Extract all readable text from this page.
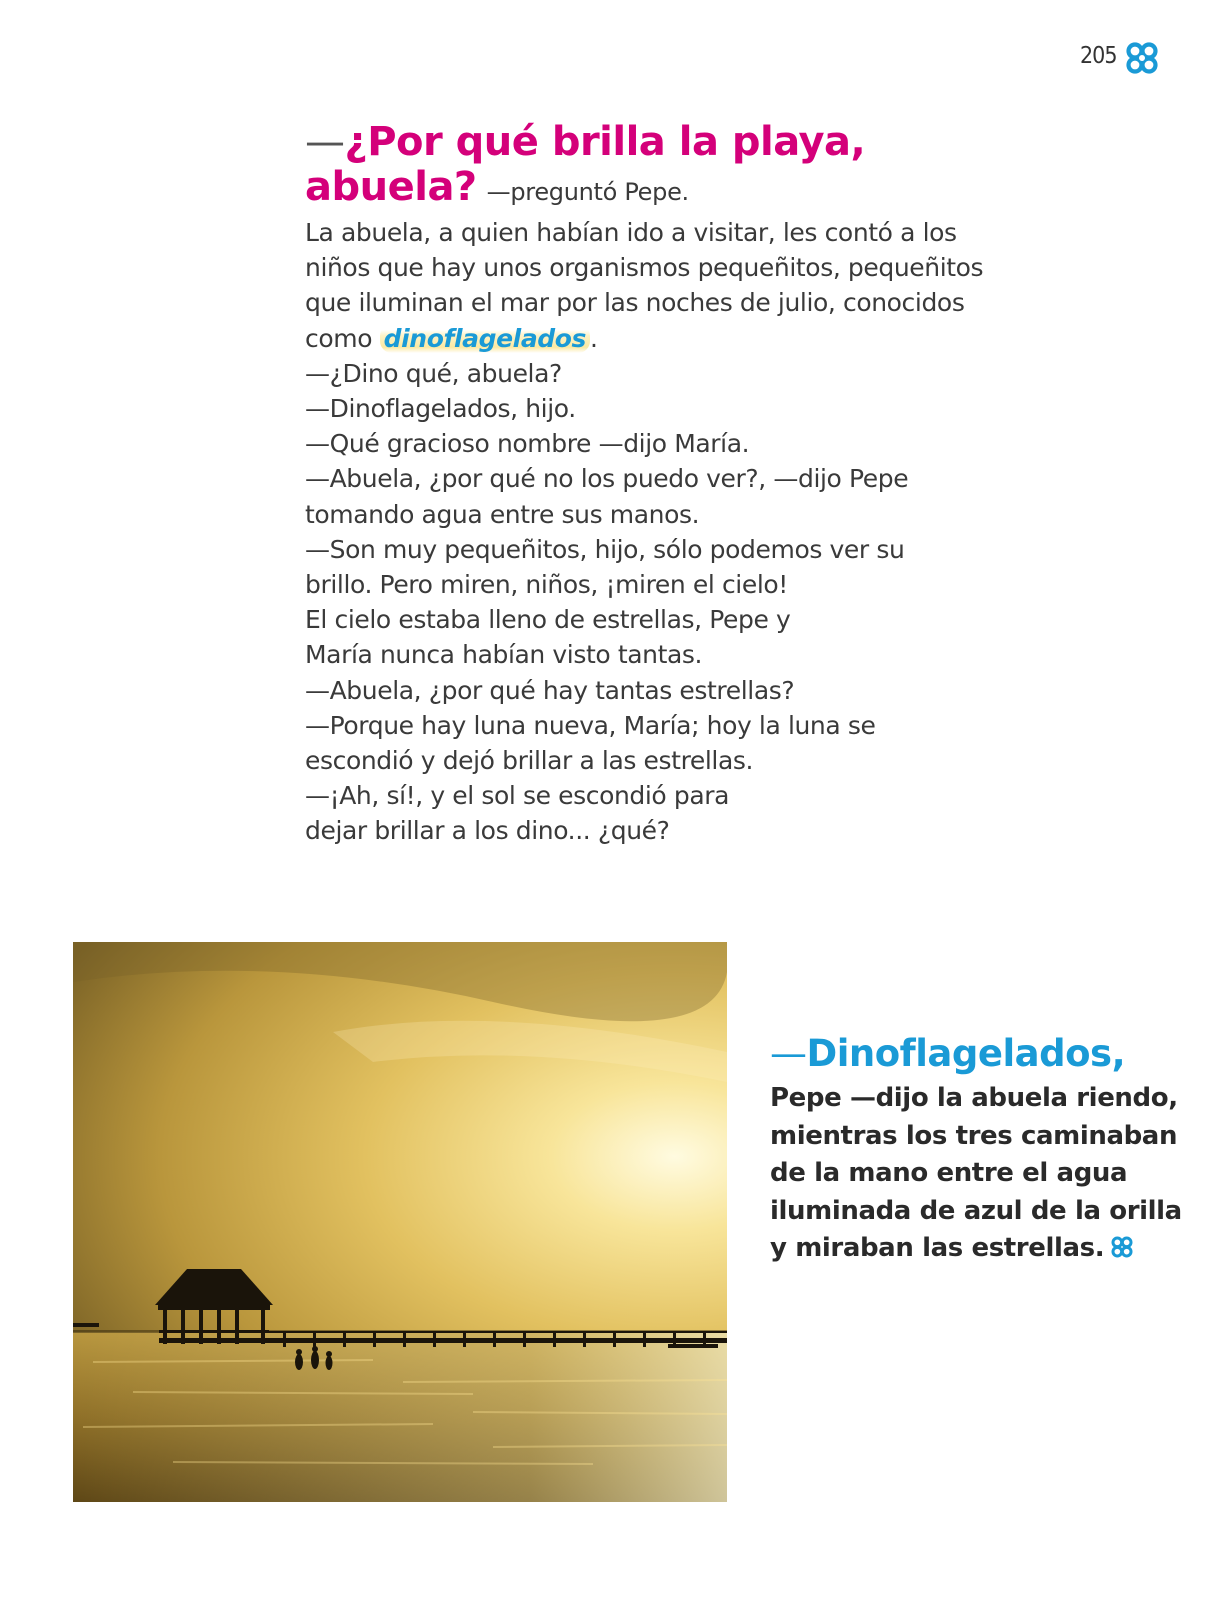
205
—¿Por qué brilla la playa,
abuela? —preguntó Pepe.

La abuela, a quien habían ido a visitar, les contó a los niños que hay unos organismos pequeñitos, pequeñitos que iluminan el mar por las noches de julio, conocidos como dinoflagelados .

—¿Dino qué, abuela?

—Dinoflagelados, hijo.

—Qué gracioso nombre —dijo María.

—Abuela, ¿por qué no los puedo ver?, —dijo Pepe tomando agua entre sus manos.

—Son muy pequeñitos, hijo, sólo podemos ver su brillo. Pero miren, niños, ¡miren el cielo!

El cielo estaba lleno de estrellas, Pepe y María nunca habían visto tantas.

—Abuela, ¿por qué hay tantas estrellas?

—Porque hay luna nueva, María; hoy la luna se escondió y dejó brillar a las estrellas.

—¡Ah, sí!, y el sol se escondió para dejar brillar a los dino... ¿qué?

—Dinoflagelados,
Pepe —dijo la abuela riendo, mientras los tres caminaban de la mano entre el agua iluminada de azul de la orilla y miraban las estrellas.
